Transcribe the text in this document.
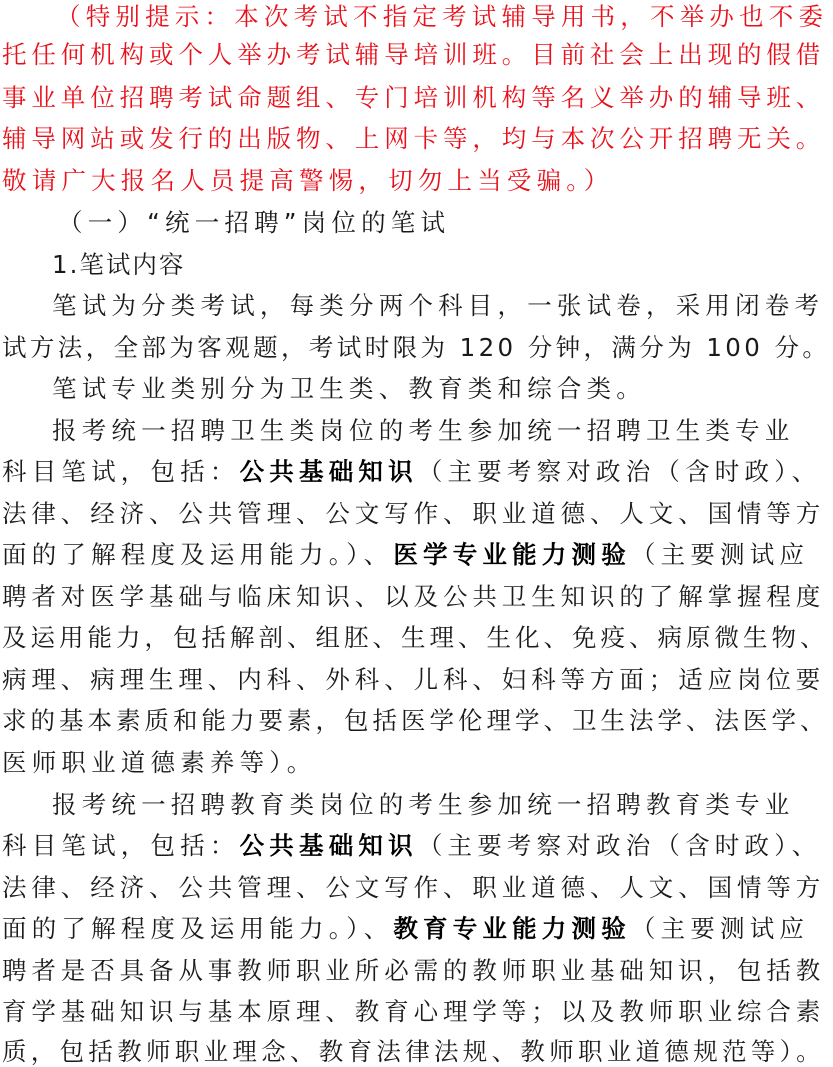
（特别提示：本次考试不指定考试辅导用书，不举办也不委
托任何机构或个人举办考试辅导培训班。目前社会上出现的假借
事业单位招聘考试命题组、专门培训机构等名义举办的辅导班、
辅导网站或发行的出版物、上网卡等，均与本次公开招聘无关。
敬请广大报名人员提高警惕，切勿上当受骗。）
（一）“统一招聘”岗位的笔试
1.笔试内容
笔试为分类考试，每类分两个科目，一张试卷，采用闭卷考
试方法，全部为客观题，考试时限为 120 分钟，满分为 100 分。
笔试专业类别分为卫生类、教育类和综合类。
报考统一招聘卫生类岗位的考生参加统一招聘卫生类专业
科目笔试，包括：公共基础知识（主要考察对政治（含时政）、
法律、经济、公共管理、公文写作、职业道德、人文、国情等方
面的了解程度及运用能力。）、医学专业能力测验（主要测试应
聘者对医学基础与临床知识、以及公共卫生知识的了解掌握程度
及运用能力，包括解剖、组胚、生理、生化、免疫、病原微生物、
病理、病理生理、内科、外科、儿科、妇科等方面；适应岗位要
求的基本素质和能力要素，包括医学伦理学、卫生法学、法医学、
医师职业道德素养等）。
报考统一招聘教育类岗位的考生参加统一招聘教育类专业
科目笔试，包括：公共基础知识（主要考察对政治（含时政）、
法律、经济、公共管理、公文写作、职业道德、人文、国情等方
面的了解程度及运用能力。）、教育专业能力测验（主要测试应
聘者是否具备从事教师职业所必需的教师职业基础知识，包括教
育学基础知识与基本原理、教育心理学等；以及教师职业综合素
质，包括教师职业理念、教育法律法规、教师职业道德规范等）。
